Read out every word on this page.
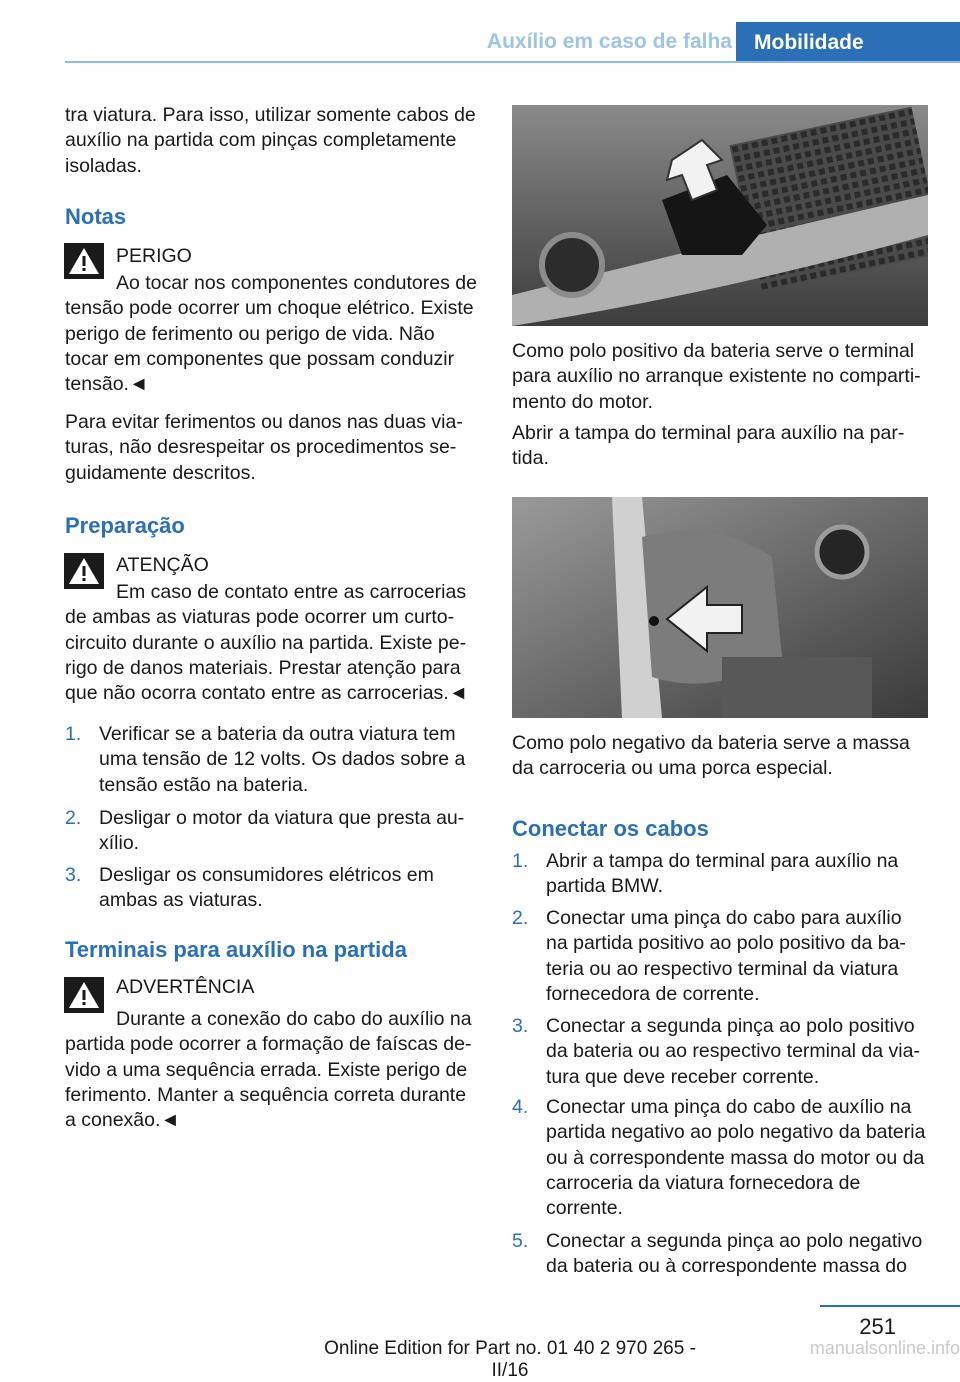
Auxílio em caso de falha	Mobilidade

tra viatura. Para isso, utilizar somente cabos de auxílio na partida com pinças completamente isoladas.

Notas
PERIGO

Ao tocar nos componentes condutores de tensão pode ocorrer um choque elétrico. Existe perigo de ferimento ou perigo de vida. Não tocar em componentes que possam conduzir tensão.◄

Para evitar ferimentos ou danos nas duas viaturas, não desrespeitar os procedimentos seguidamente descritos.

Preparação
ATENÇÃO

Em caso de contato entre as carrocerias de ambas as viaturas pode ocorrer um curto-circuito durante o auxílio na partida. Existe perigo de danos materiais. Prestar atenção para que não ocorra contato entre as carrocerias.◄

1. Verificar se a bateria da outra viatura tem uma tensão de 12 volts. Os dados sobre a tensão estão na bateria.
2. Desligar o motor da viatura que presta auxílio.
3. Desligar os consumidores elétricos em ambas as viaturas.
Terminais para auxílio na partida
ADVERTÊNCIA

Durante a conexão do cabo do auxílio na partida pode ocorrer a formação de faíscas devido a uma sequência errada. Existe perigo de ferimento. Manter a sequência correta durante a conexão.◄

Como polo positivo da bateria serve o terminal para auxílio no arranque existente no compartimento do motor.

Abrir a tampa do terminal para auxílio na partida.

Como polo negativo da bateria serve a massa da carroceria ou uma porca especial.

Conectar os cabos
1. Abrir a tampa do terminal para auxílio na partida BMW.
2. Conectar uma pinça do cabo para auxílio na partida positivo ao polo positivo da bateria ou ao respectivo terminal da viatura fornecedora de corrente.
3. Conectar a segunda pinça ao polo positivo da bateria ou ao respectivo terminal da viatura que deve receber corrente.
4. Conectar uma pinça do cabo de auxílio na partida negativo ao polo negativo da bateria ou à correspondente massa do motor ou da carroceria da viatura fornecedora de corrente.
5. Conectar a segunda pinça ao polo negativo da bateria ou à correspondente massa do
251
Online Edition for Part no. 01 40 2 970 265 - II/16
manualsonline.info
